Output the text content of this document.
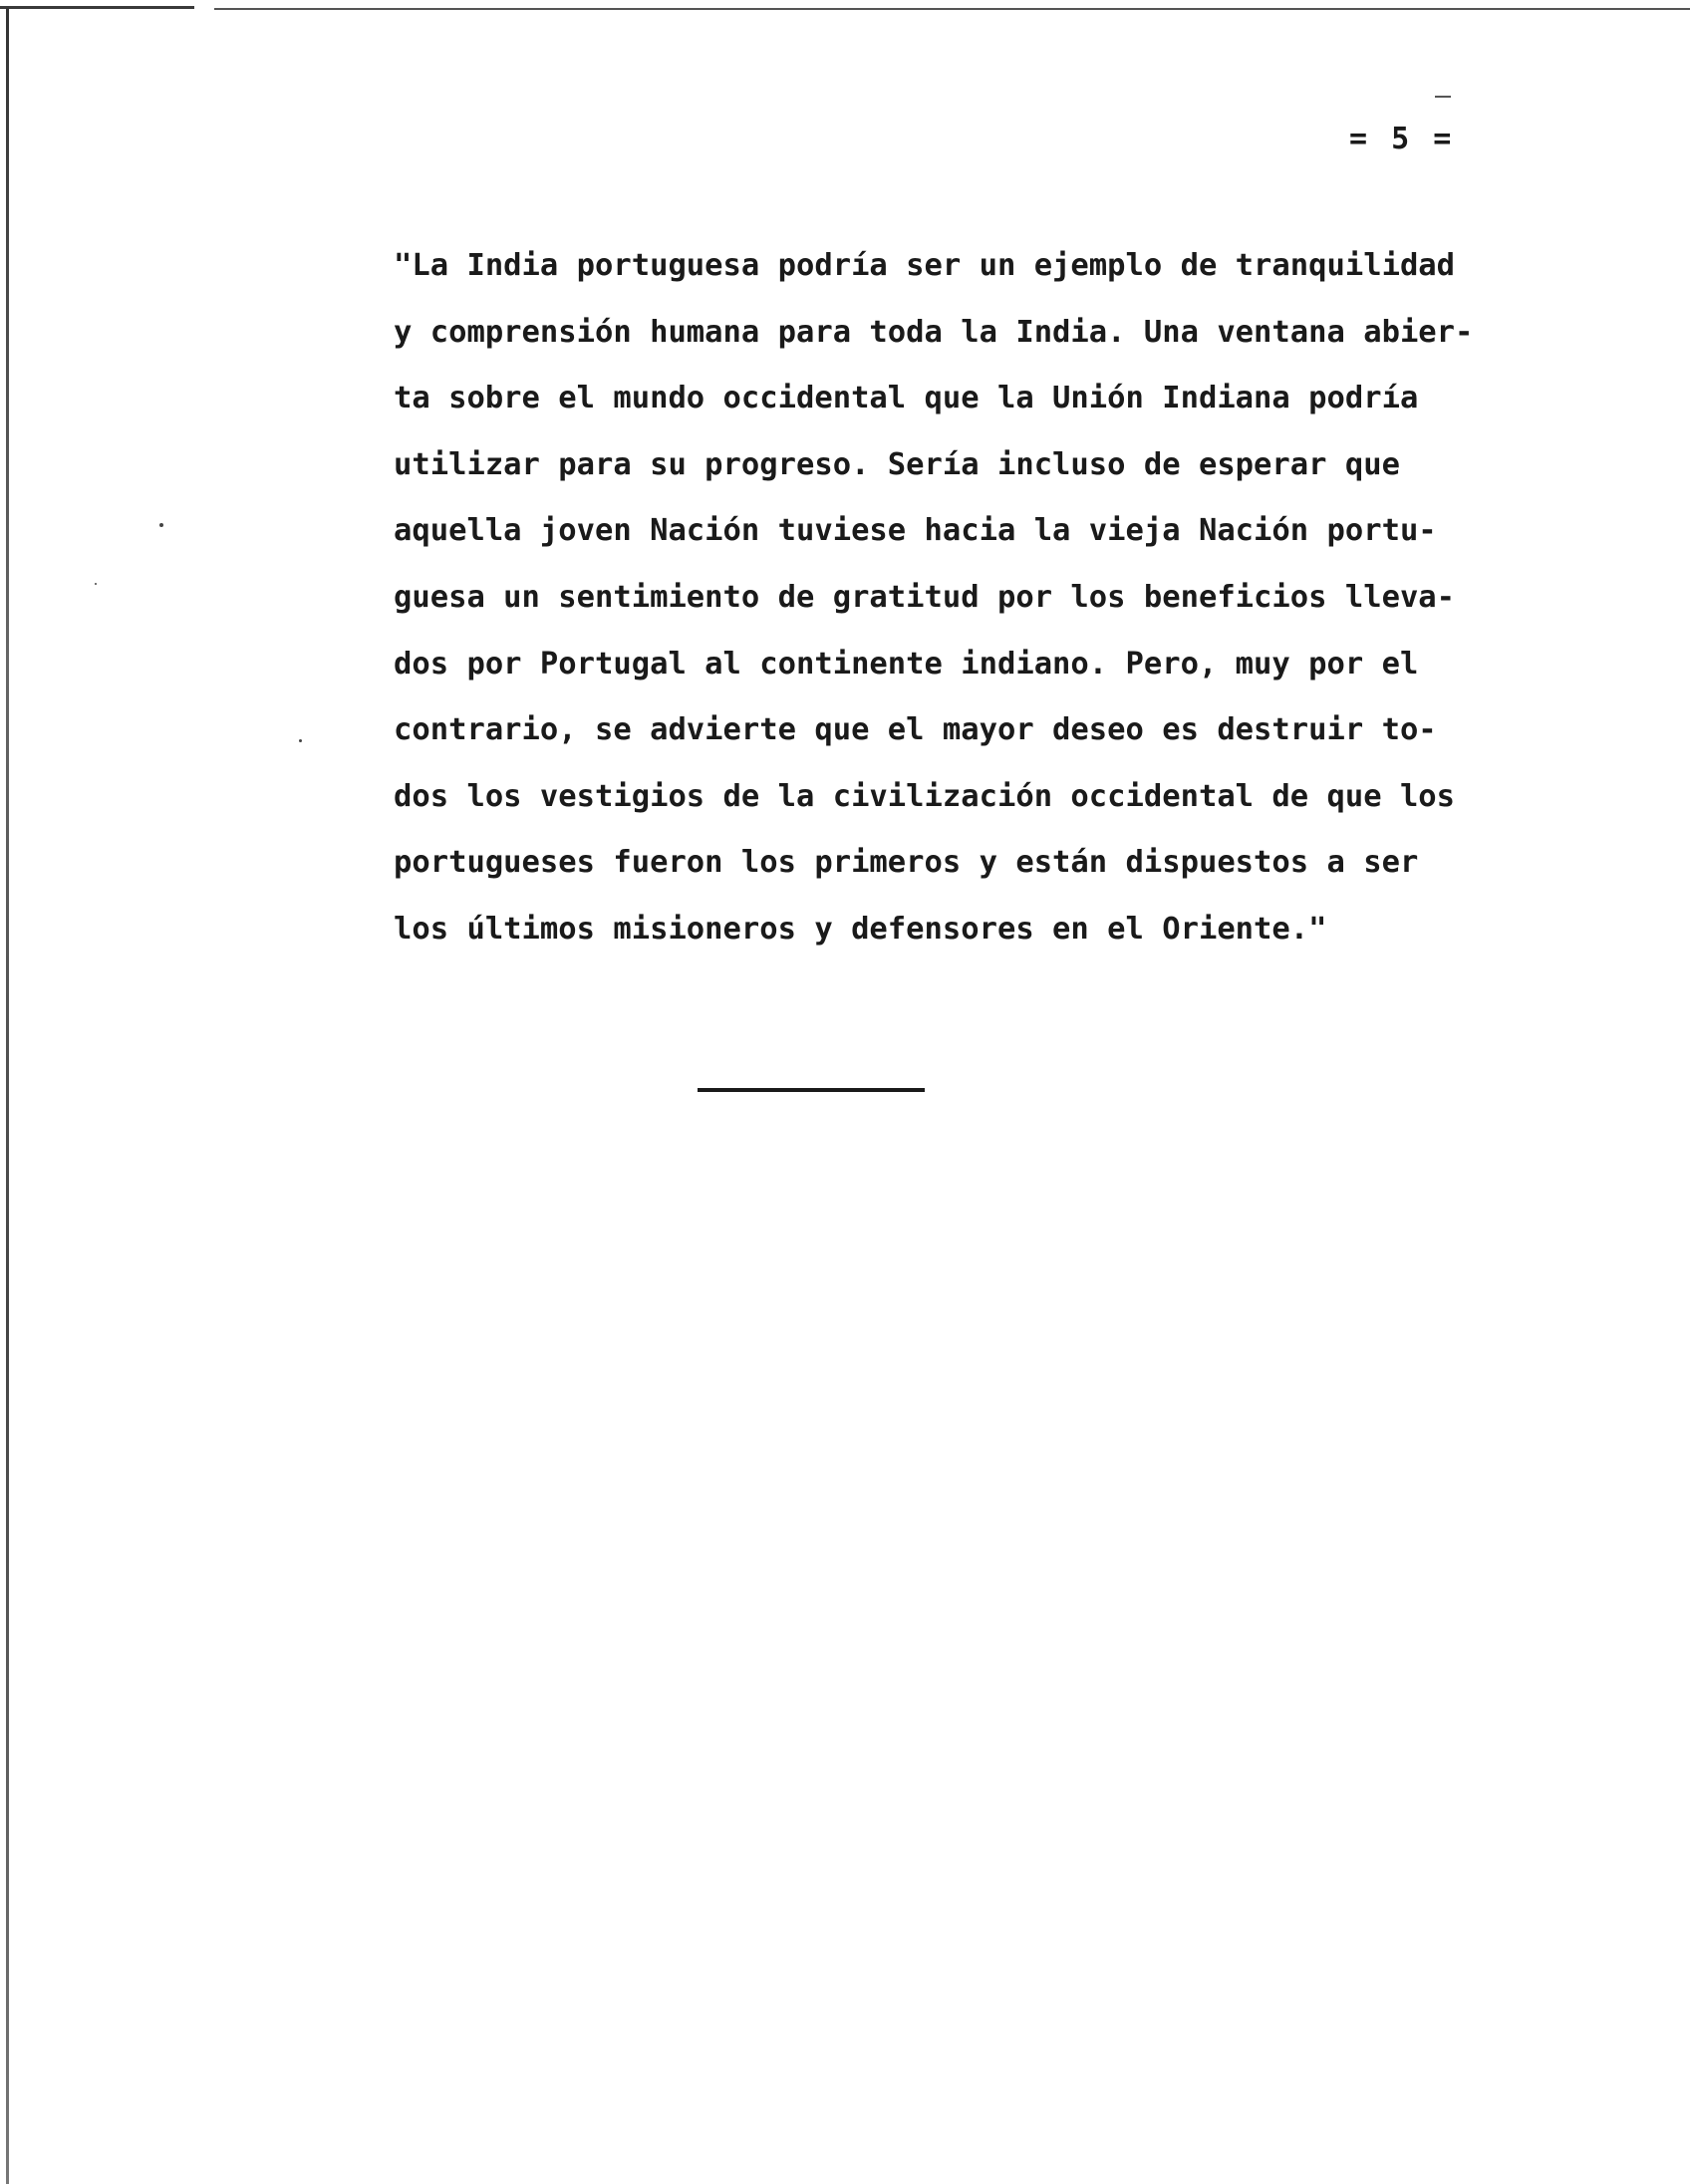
= 5 =
"La India portuguesa podría ser un ejemplo de tranquilidad
y comprensión humana para toda la India. Una ventana abier-
ta sobre el mundo occidental que la Unión Indiana podría
utilizar para su progreso. Sería incluso de esperar que
aquella joven Nación tuviese hacia la vieja Nación portu-
guesa un sentimiento de gratitud por los beneficios lleva-
dos por Portugal al continente indiano. Pero, muy por el
contrario, se advierte que el mayor deseo es destruir to-
dos los vestigios de la civilización occidental de que los
portugueses fueron los primeros y están dispuestos a ser
los últimos misioneros y defensores en el Oriente."
